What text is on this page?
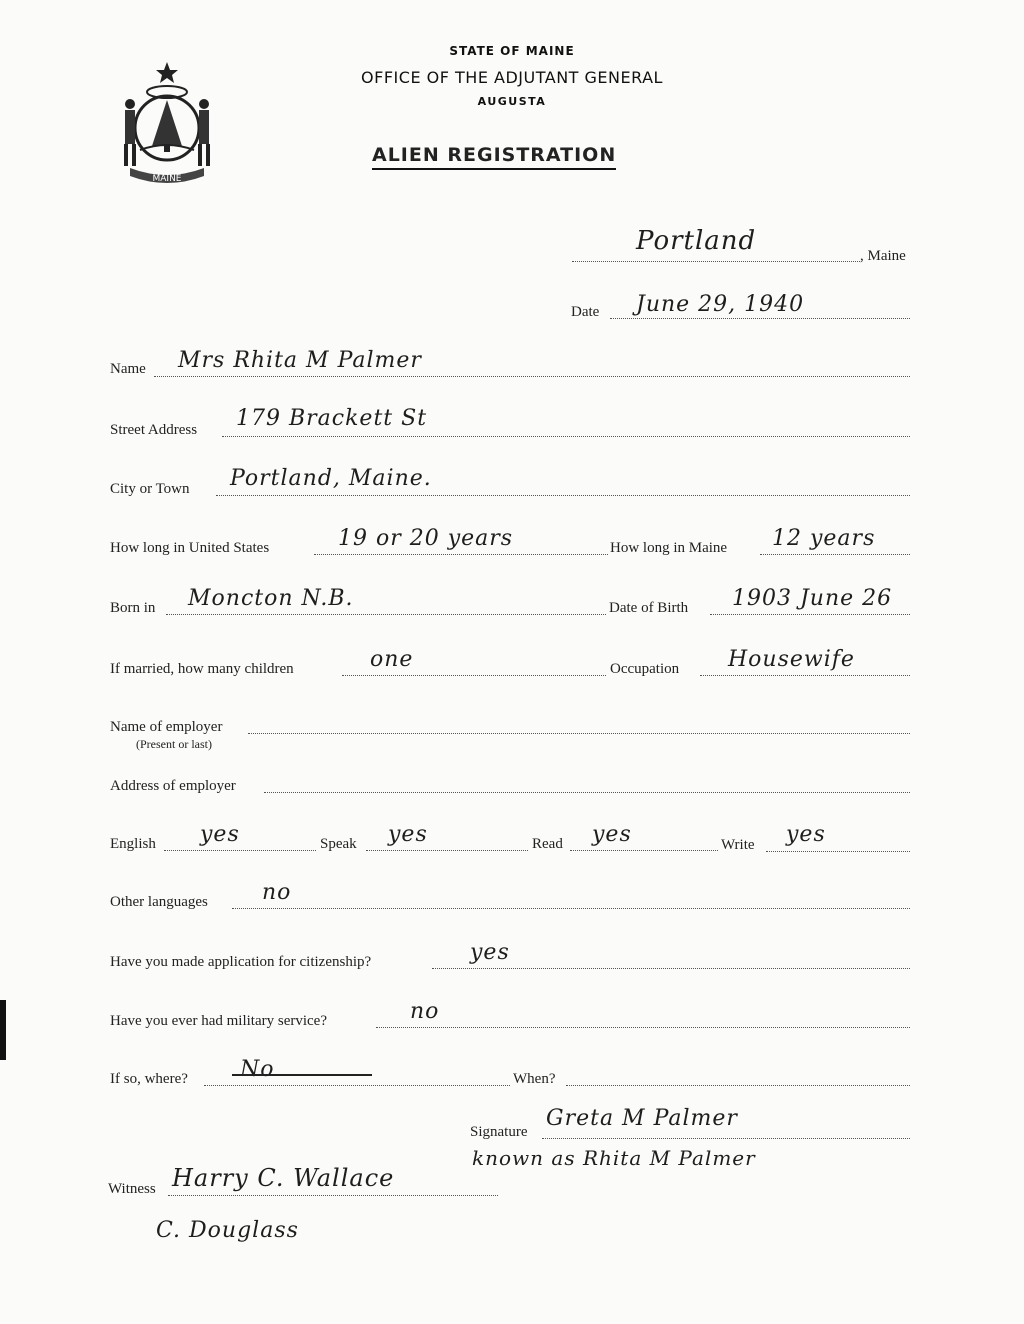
MAINE
STATE OF MAINE
OFFICE OF THE ADJUTANT GENERAL
AUGUSTA
ALIEN REGISTRATION
Portland	, Maine
Date June 29, 1940
Name Mrs Rhita M Palmer
Street Address 179 Brackett St
City or Town Portland, Maine.
How long in United States	19 or 20 years	How long in Maine 12 years
Born in Moncton N.B.	Date of Birth 1903 June 26
If married, how many children	one	Occupation Housewife
Name of employer
(Present or last)
Address of employer
English yes	Speak yes	Read yes	Write yes
Other languages no
Have you made application for citizenship?	yes
Have you ever had military service?	no
If so, where? No	When?
Signature
Greta M Palmer
known as Rhita M Palmer
Witness Harry C. Wallace
C. Douglass
